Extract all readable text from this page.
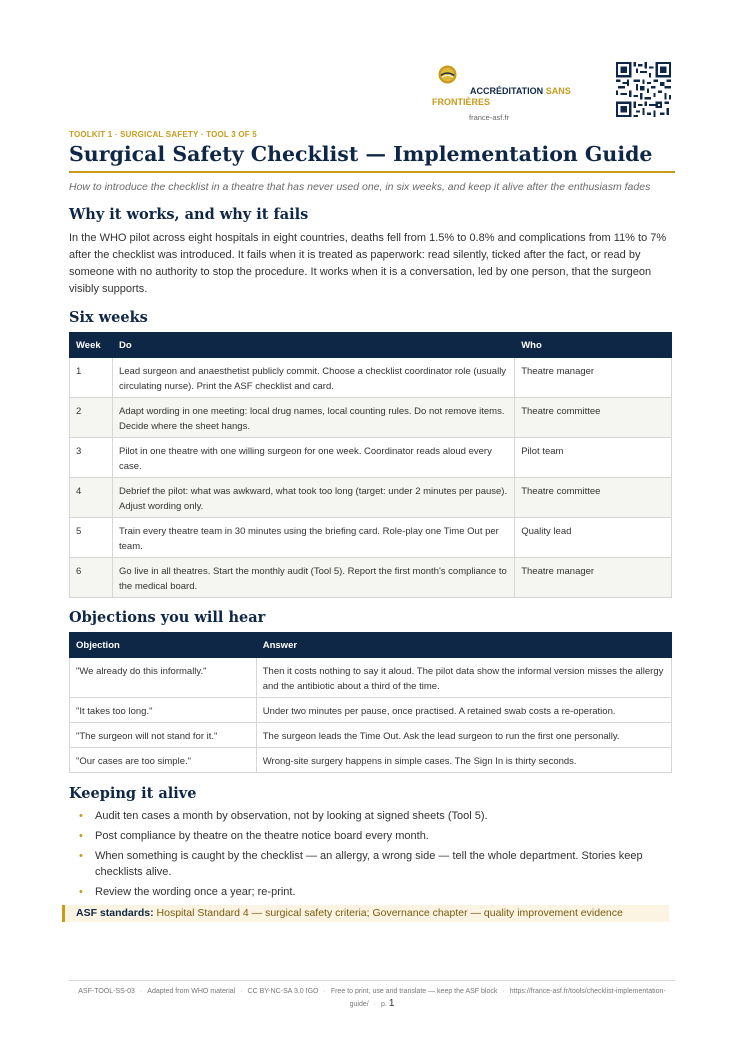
ACCRÉDITATION SANS
FRONTIÈRES
france-asf.fr
TOOLKIT 1 · SURGICAL SAFETY · TOOL 3 OF 5
Surgical Safety Checklist — Implementation Guide
How to introduce the checklist in a theatre that has never used one, in six weeks, and keep it alive after the enthusiasm fades
Why it works, and why it fails

In the WHO pilot across eight hospitals in eight countries, deaths fell from 1.5% to 0.8% and complications from 11% to 7% after the checklist was introduced. It fails when it is treated as paperwork: read silently, ticked after the fact, or read by someone with no authority to stop the procedure. It works when it is a conversation, led by one person, that the surgeon visibly supports.

Six weeks
Week	Do	Who
1	Lead surgeon and anaesthetist publicly commit. Choose a checklist coordinator role (usually circulating nurse). Print the ASF checklist and card.	Theatre manager
2	Adapt wording in one meeting: local drug names, local counting rules. Do not remove items. Decide where the sheet hangs.	Theatre committee
3	Pilot in one theatre with one willing surgeon for one week. Coordinator reads aloud every case.	Pilot team
4	Debrief the pilot: what was awkward, what took too long (target: under 2 minutes per pause). Adjust wording only.	Theatre committee
5	Train every theatre team in 30 minutes using the briefing card. Role-play one Time Out per team.	Quality lead
6	Go live in all theatres. Start the monthly audit (Tool 5). Report the first month's compliance to the medical board.	Theatre manager
Objections you will hear
Objection	Answer
"We already do this informally."	Then it costs nothing to say it aloud. The pilot data show the informal version misses the allergy and the antibiotic about a third of the time.
"It takes too long."	Under two minutes per pause, once practised. A retained swab costs a re-operation.
"The surgeon will not stand for it."	The surgeon leads the Time Out. Ask the lead surgeon to run the first one personally.
"Our cases are too simple."	Wrong-site surgery happens in simple cases. The Sign In is thirty seconds.
Keeping it alive
• Audit ten cases a month by observation, not by looking at signed sheets (Tool 5).
• Post compliance by theatre on the theatre notice board every month.
• When something is caught by the checklist — an allergy, a wrong side — tell the whole department. Stories keep checklists alive.
• Review the wording once a year; re-print.
ASF standards: Hospital Standard 4 — surgical safety criteria; Governance chapter — quality improvement evidence
ASF-TOOL-SS-03 · Adapted from WHO material · CC BY-NC-SA 3.0 IGO · Free to print, use and translate — keep the ASF block · https://france-asf.fr/tools/checklist-implementation-guide/ · p. 1
